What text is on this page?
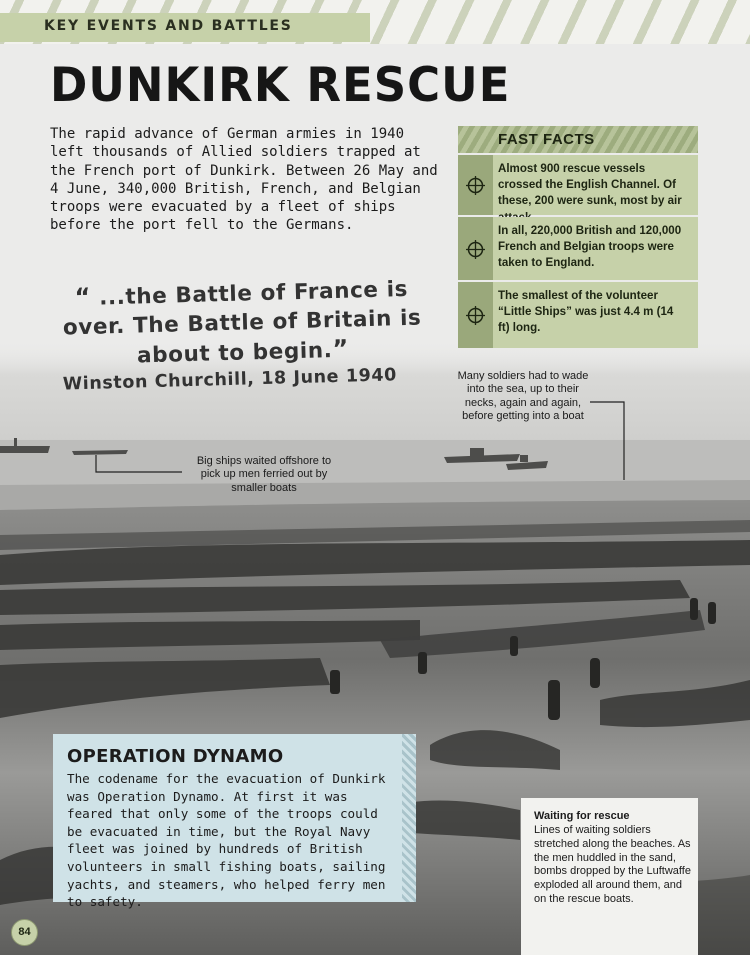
KEY EVENTS AND BATTLES
DUNKIRK RESCUE
The rapid advance of German armies in 1940 left thousands of Allied soldiers trapped at the French port of Dunkirk. Between 26 May and 4 June, 340,000 British, French, and Belgian troops were evacuated by a fleet of ships before the port fell to the Germans.
“ ...the Battle of France is over. The Battle of Britain is about to begin.”
Winston Churchill, 18 June 1940
FAST FACTS
Almost 900 rescue vessels crossed the English Channel. Of these, 200 were sunk, most by air
In all, 220,000 British and 120,000 French and Belgian troops were taken to England.
The smallest of the volunteer “Little Ships” was just 4.4 m (14 ft) long.
Many soldiers had to wade into the sea, up to their necks, again and again, before getting into a boat
Big ships waited offshore to pick up men ferried out by smaller boats
OPERATION DYNAMO

The codename for the evacuation of Dunkirk was Operation Dynamo. At first it was feared that only some of the troops could be evacuated in time, but the Royal Navy fleet was joined by hundreds of British volunteers in small fishing boats, sailing yachts, and steamers, who helped ferry men to safety.

Waiting for rescue
Lines of waiting soldiers stretched along the beaches. As the men huddled in the sand, bombs dropped by the Luftwaffe exploded all around them, and on the rescue boats.
84
